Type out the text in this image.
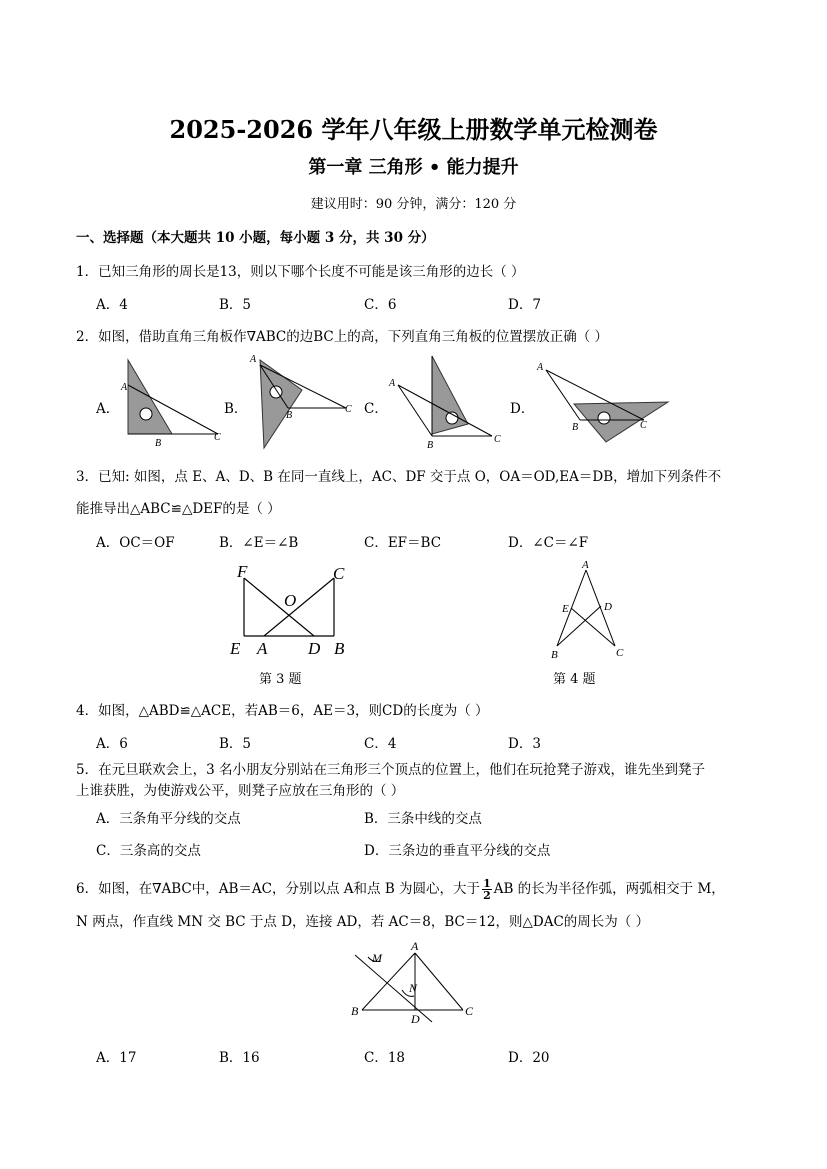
2025-2026 学年八年级上册数学单元检测卷
第一章 三角形 • 能力提升
建议用时：90 分钟，满分：120 分
一、选择题（本大题共 10 小题，每小题 3 分，共 30 分）
1．已知三角形的周长是13，则以下哪个长度不可能是该三角形的边长（ ）
A．4	B．5	C．6	D．7
2．如图，借助直角三角板作∇ABC的边BC上的高，下列直角三角板的位置摆放正确（ ）
A．	B．	C．	D．
A
B
C
A
B
C
A
B
C
A
B	C
F	C
O
E A D B
A
E	D
B	C
A
M
N
B
D
C
3．已知: 如图，点 E、A、D、B 在同一直线上，AC、DF 交于点 O，OA＝OD,EA＝DB，增加下列条件不
能推导出△ABC≌△DEF的是（ ）
A．OC＝OF	B．∠E＝∠B	C．EF＝BC	D．∠C＝∠F
第 3 题	第 4 题
4．如图，△ABD≌△ACE，若AB＝6，AE＝3，则CD的长度为（ ）
A．6	B．5	C．4	D．3
5．在元旦联欢会上，3 名小朋友分别站在三角形三个顶点的位置上，他们在玩抢凳子游戏，谁先坐到凳子
上谁获胜，为使游戏公平，则凳子应放在三角形的（ ）
A．三条角平分线的交点	B．三条中线的交点
C．三条高的交点	D．三条边的垂直平分线的交点
6．如图，在∇ABC中，AB＝AC，分别以点 A和点 B 为圆心，大于 $\frac{1}{2}$ AB 的长为半径作弧，两弧相交于 M，
N 两点，作直线 MN 交 BC 于点 D，连接 AD，若 AC＝8，BC＝12，则△DAC的周长为（ ）
A．17	B．16	C．18	D．20
